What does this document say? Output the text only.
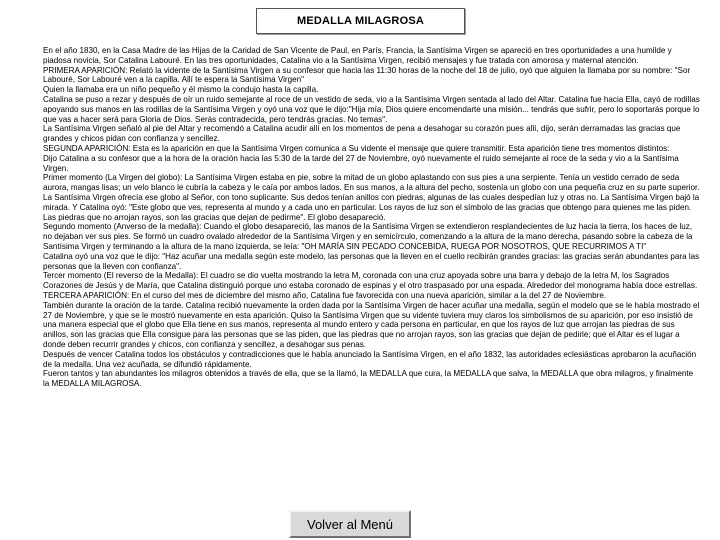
MEDALLA MILAGROSA

En el año 1830, en la Casa Madre de las Hijas de la Caridad de San Vicente de Paul, en París, Francia, la Santísima Virgen se apareció en tres oportunidades a una humilde y piadosa novicia, Sor Catalina Labouré. En las tres oportunidades, Catalina vio a la Santísima Virgen, recibió mensajes y fue tratada con amorosa y maternal atención.

PRIMERA APARICIÓN: Relató la vidente de la Santísima Virgen a su confesor que hacia las 11:30 horas de la noche del 18 de julio, oyó que alguien la llamaba por su nombre: "Sor Labouré, Sor Labouré ven a la capilla. Allí te espera la Santísima Virgen"

Quien la llamaba era un niño pequeño y él mismo la condujo hasta la capilla.

Catalina se puso a rezar y después de oír un ruido semejante al roce de un vestido de seda, vio a la Santísima Virgen sentada al lado del Altar. Catalina fue hacia Ella, cayó de rodillas apoyando sus manos en las rodillas de la Santísima Virgen y oyó una voz que le dijo:"Hija mía, Dios quiere encomendarte una misión... tendrás que sufrir, pero lo soportarás porque lo que vas a hacer será para Gloria de Dios. Serás contradecida, pero tendrás gracias. No temas".

La Santísima Virgen señaló al pie del Altar y recomendó a Catalina acudir allí en los momentos de pena a desahogar su corazón pues allí, dijo, serán derramadas las gracias que grandes y chicos pidan con confianza y sencillez.

SEGUNDA APARICIÓN: Esta es la aparición en que la Santísima Virgen comunica a Su vidente el mensaje que quiere transmitir. Esta aparición tiene tres momentos distintos:

Dijo Catalina a su confesor que a la hora de la oración hacia las 5:30 de la tarde del 27 de Noviembre, oyó nuevamente el ruido semejante al roce de la seda y vio a la Santísima Virgen.

Primer momento (La Virgen del globo): La Santísima Virgen estaba en pie, sobre la mitad de un globo aplastando con sus pies a una serpiente. Tenía un vestido cerrado de seda aurora, mangas lisas; un velo blanco le cubría la cabeza y le caía por ambos lados. En sus manos, a la altura del pecho, sostenía un globo con una pequeña cruz en su parte superior. La Santísima Virgen ofrecía ese globo al Señor, con tono suplicante. Sus dedos tenían anillos con piedras, algunas de las cuales despedían luz y otras no. La Santísima Virgen bajó la mirada. Y Catalina oyó: "Este globo que ves, representa al mundo y a cada uno en particular. Los rayos de luz son el símbolo de las gracias que obtengo para quienes me las piden. Las piedras que no arrojan rayos, son las gracias que dejan de pedirme". El globo desapareció.

Segundo momento (Anverso de la medalla): Cuando el globo desapareció, las manos de la Santísima Virgen se extendieron resplandecientes de luz hacia la tierra, los haces de luz, no dejaban ver sus pies. Se formó un cuadro ovalado alrededor de la Santísima Virgen y en semicírculo, comenzando a la altura de la mano derecha, pasando sobre la cabeza de la Santísima Virgen y terminando a la altura de la mano izquierda, se leía: "OH MARÍA SIN PECADO CONCEBIDA, RUEGA POR NOSOTROS, QUE RECURRIMOS A TI"

Catalina oyó una voz que le dijo: "Haz acuñar una medalla según este modelo, las personas que la lleven en el cuello recibirán grandes gracias: las gracias serán abundantes para las personas que la lleven con confianza".

Tercer momento (El reverso de la Medalla): El cuadro se dio vuelta mostrando la letra M, coronada con una cruz apoyada sobre una barra y debajo de la letra M, los Sagrados Corazones de Jesús y de María, que Catalina distinguió porque uno estaba coronado de espinas y el otro traspasado por una espada. Alrededor del monograma había doce estrellas.

TERCERA APARICIÓN: En el curso del mes de diciembre del mismo año, Catalina fue favorecida con una nueva aparición, similar a la del 27 de Noviembre.

También durante la oración de la tarde. Catalina recibió nuevamente la orden dada por la Santísima Virgen de hacer acuñar una medalla, según el modelo que se le había mostrado el 27 de Noviembre, y que se le mostró nuevamente en esta aparición. Quiso la Santísima Virgen que su vidente tuviera muy claros los simbolismos de su aparición, por eso insistió de una manera especial que el globo que Ella tiene en sus manos, representa al mundo entero y cada persona en particular, en que los rayos de luz que arrojan las piedras de sus anillos, son las gracias que Ella consigue para las personas que se las piden, que las piedras que no arrojan rayos, son las gracias que dejan de pedirle; que el Altar es el lugar a donde deben recurrir grandes y chicos, con confianza y sencillez, a desahogar sus penas.

Después de vencer Catalina todos los obstáculos y contradicciones que le había anunciado la Santísima Virgen, en el año 1832, las autoridades eclesiásticas aprobaron la acuñación de la medalla. Una vez acuñada, se difundió rápidamente.

Fueron tantos y tan abundantes los milagros obtenidos a través de ella, que se la llamó, la MEDALLA que cura, la MEDALLA que salva, la MEDALLA que obra milagros, y finalmente la MEDALLA MILAGROSA.

Volver al Menú
